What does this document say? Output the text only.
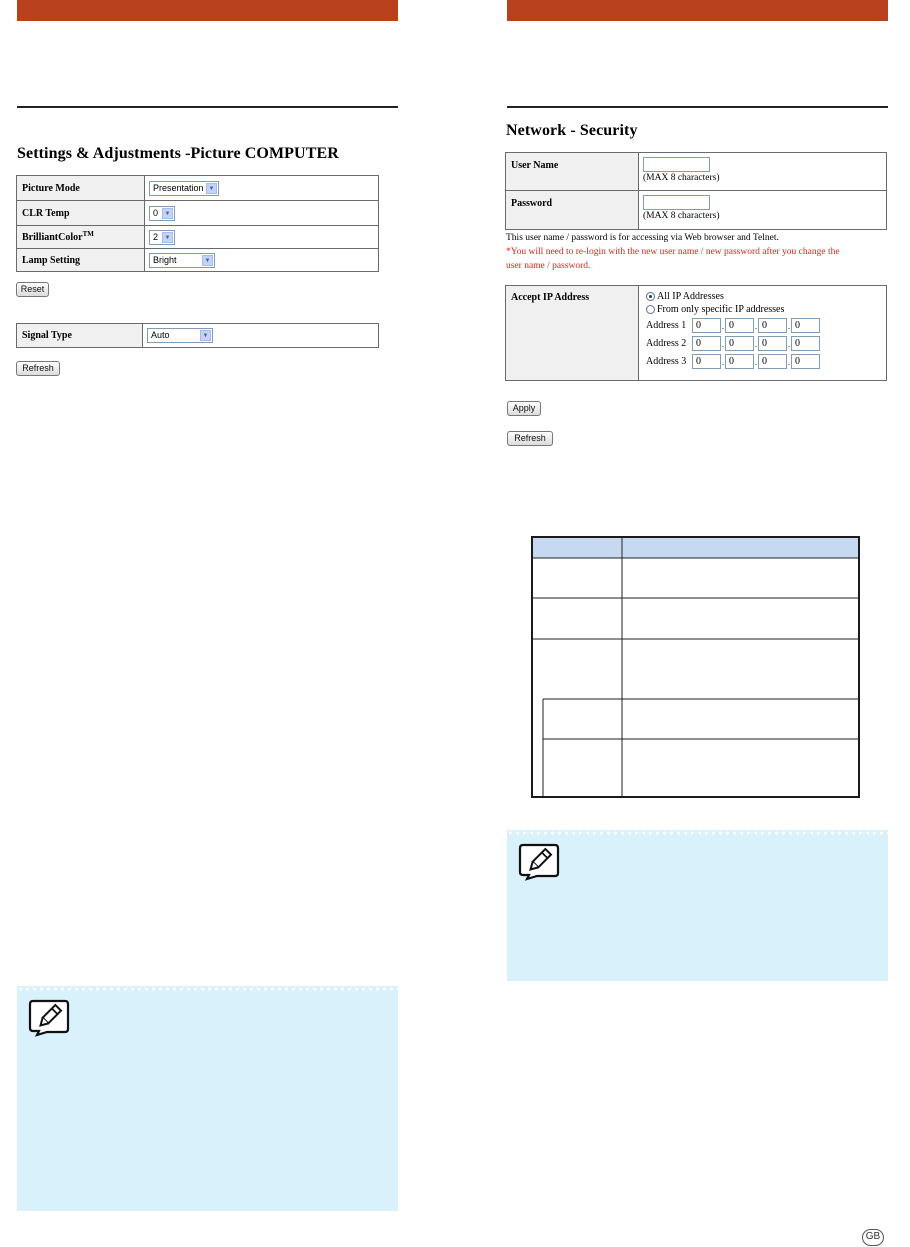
Settings & Adjustments -Picture COMPUTER
Picture Mode	Presentation ▼

CLR Temp	0 ▼

BrilliantColor™	2 ▼

Lamp Setting	Bright ▼
Reset
Signal Type	Auto	▼
Refresh
Network - Security
User Name	(MAX 8 characters)
Password	(MAX 8 characters)
This user name / password is for accessing via Web browser and Telnet.
*You will need to re-login with the new user name / new password after you change the
user name / password.
Accept IP Address	All IP Addresses
From only specific IP addresses
Address 1 0	. 0	. 0	. 0
Address 2 0	. 0	. 0	. 0
Address 3 0	. 0	. 0	. 0
Apply
Refresh
GB
